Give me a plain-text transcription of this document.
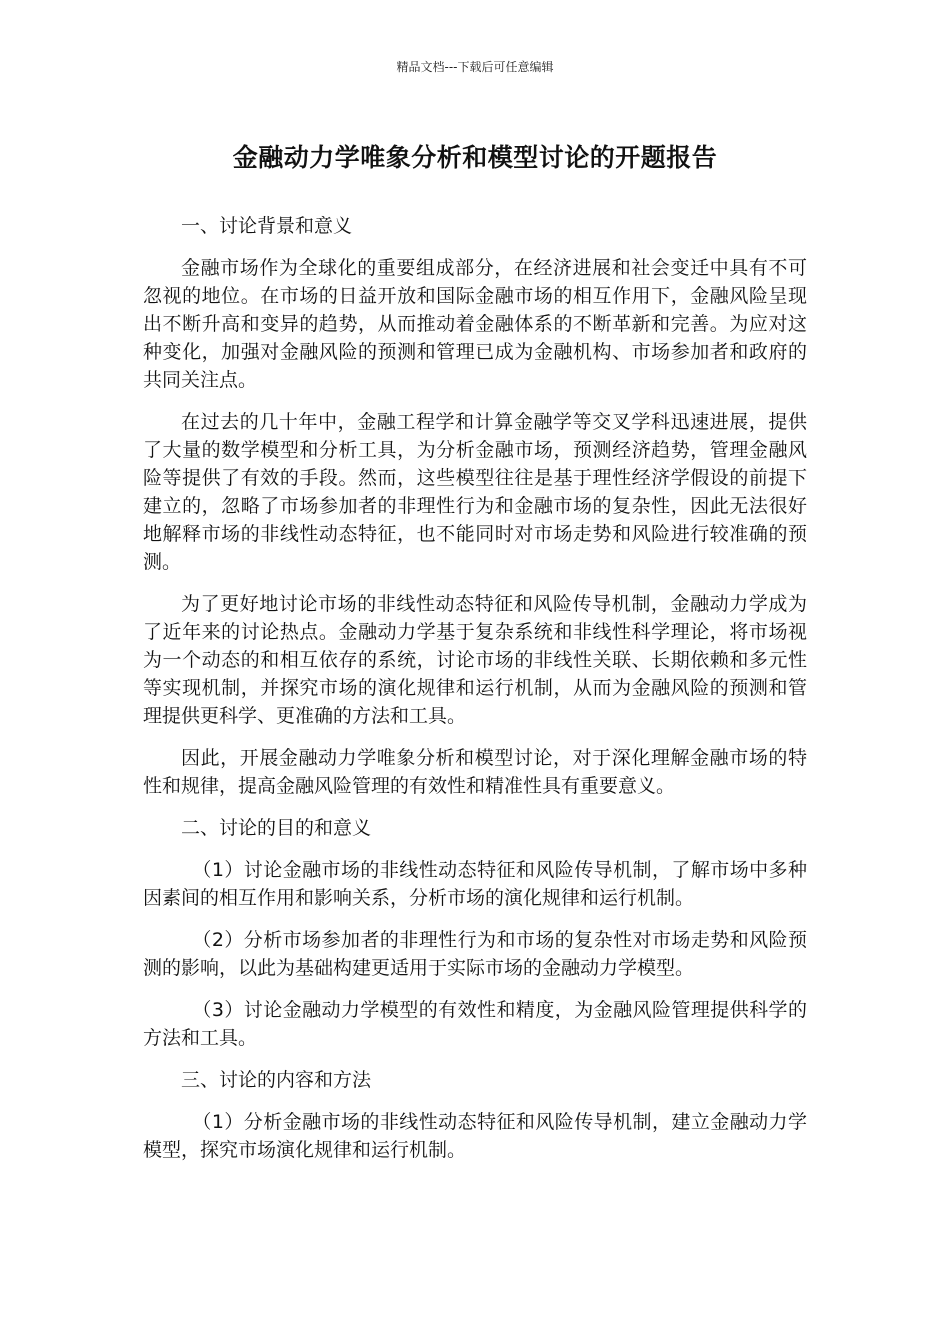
精品文档---下载后可任意编辑
金融动力学唯象分析和模型讨论的开题报告

一、讨论背景和意义

金融市场作为全球化的重要组成部分，在经济进展和社会变迁中具有不可忽视的地位。在市场的日益开放和国际金融市场的相互作用下，金融风险呈现出不断升高和变异的趋势，从而推动着金融体系的不断革新和完善。为应对这种变化，加强对金融风险的预测和管理已成为金融机构、市场参加者和政府的共同关注点。

在过去的几十年中，金融工程学和计算金融学等交叉学科迅速进展，提供了大量的数学模型和分析工具，为分析金融市场，预测经济趋势，管理金融风险等提供了有效的手段。然而，这些模型往往是基于理性经济学假设的前提下建立的，忽略了市场参加者的非理性行为和金融市场的复杂性，因此无法很好地解释市场的非线性动态特征，也不能同时对市场走势和风险进行较准确的预测。

为了更好地讨论市场的非线性动态特征和风险传导机制，金融动力学成为了近年来的讨论热点。金融动力学基于复杂系统和非线性科学理论，将市场视为一个动态的和相互依存的系统，讨论市场的非线性关联、长期依赖和多元性等实现机制，并探究市场的演化规律和运行机制，从而为金融风险的预测和管理提供更科学、更准确的方法和工具。

因此，开展金融动力学唯象分析和模型讨论，对于深化理解金融市场的特性和规律，提高金融风险管理的有效性和精准性具有重要意义。

二、讨论的目的和意义

（1）讨论金融市场的非线性动态特征和风险传导机制，了解市场中多种因素间的相互作用和影响关系，分析市场的演化规律和运行机制。

（2）分析市场参加者的非理性行为和市场的复杂性对市场走势和风险预测的影响，以此为基础构建更适用于实际市场的金融动力学模型。

（3）讨论金融动力学模型的有效性和精度，为金融风险管理提供科学的方法和工具。

三、讨论的内容和方法

（1）分析金融市场的非线性动态特征和风险传导机制，建立金融动力学模型，探究市场演化规律和运行机制。
